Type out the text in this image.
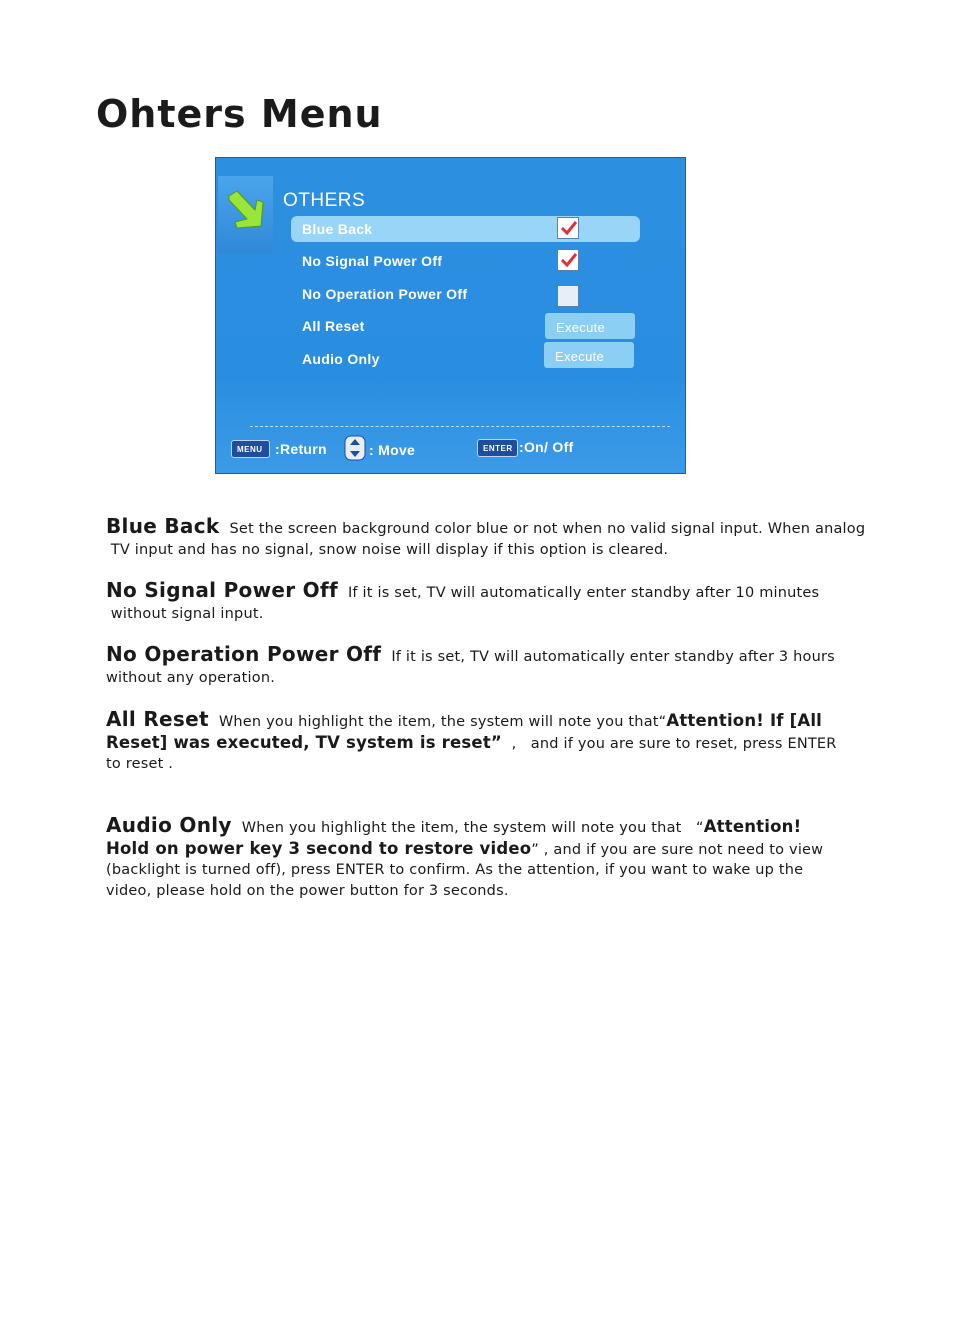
Ohters Menu
OTHERS
Blue Back
No Signal Power Off
No Operation Power Off
All Reset	Execute
Audio Only	Execute
MENU :Return	: Move	ENTER :On/ Off
Blue Back Set the screen background color blue or not when no valid signal input. When analog
TV input and has no signal, snow noise will display if this option is cleared.
No Signal Power Off If it is set, TV will automatically enter standby after 10 minutes
without signal input.
No Operation Power Off If it is set, TV will automatically enter standby after 3 hours
without any operation.
All Reset When you highlight the item, the system will note you that“Attention! If [All
Reset] was executed, TV system is reset”  ,   and if you are sure to reset, press ENTER
to reset .
Audio Only When you highlight the item, the system will note you that   “Attention!
Hold on power key 3 second to restore video” , and if you are sure not need to view
(backlight is turned off), press ENTER to confirm. As the attention, if you want to wake up the
video, please hold on the power button for 3 seconds.
